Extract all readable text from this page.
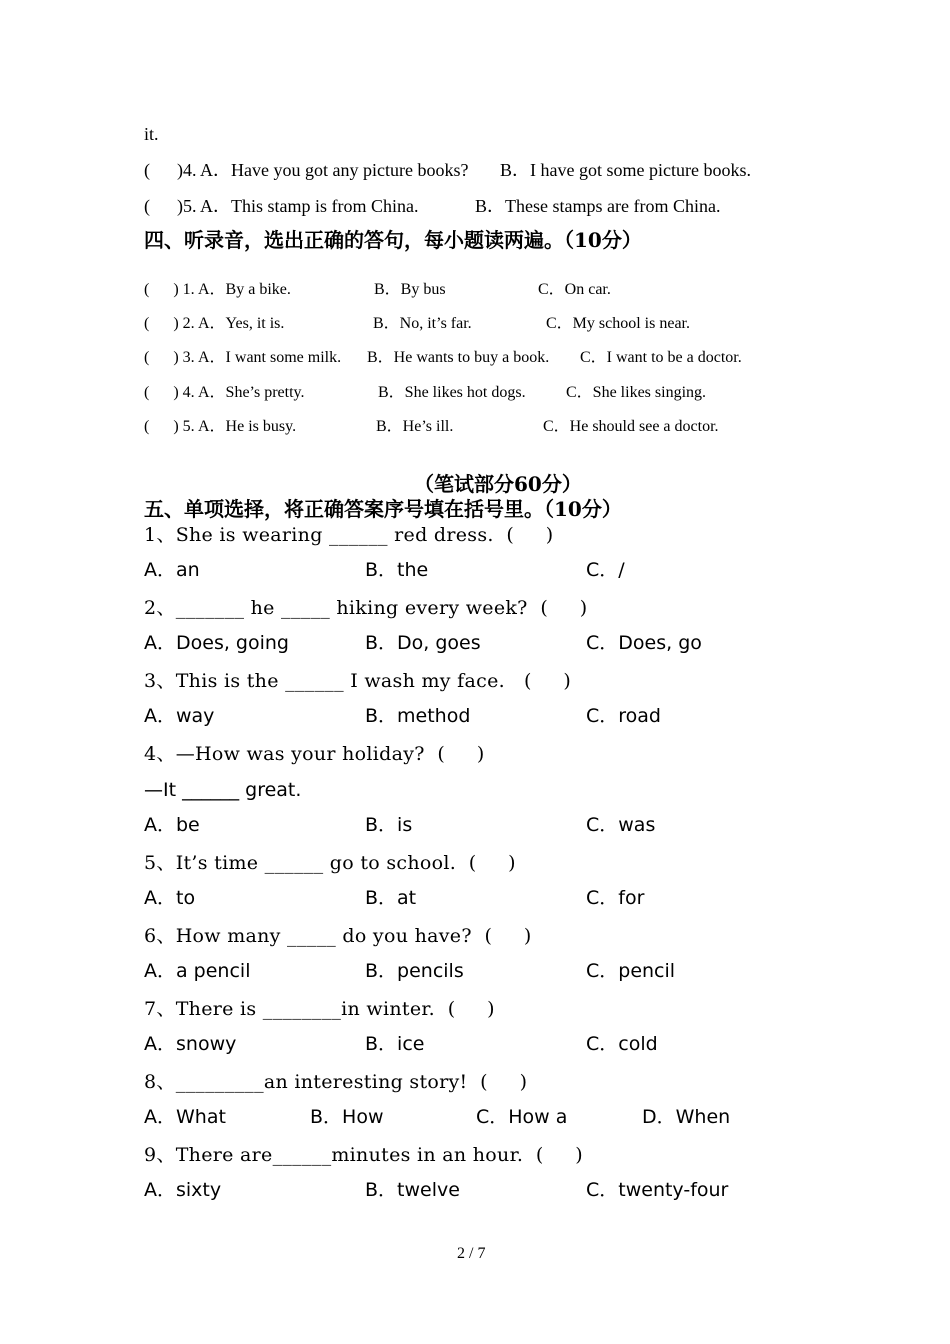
it.
(      )4. A．Have you got any picture books? B．I have got some picture books.
(      )5. A．This stamp is from China.	B．These stamps are from China.
四、听录音，选出正确的答句，每小题读两遍。（10分）
(      ) 1. A．By a bike.	B．By bus	C．On car.
(      ) 2. A．Yes, it is.	B．No, it’s far.	C．My school is near.
(      ) 3. A．I want some milk. B．He wants to buy a book. C．I want to be a doctor.
(      ) 4. A．She’s pretty.	B．She likes hot dogs.	C．She likes singing.
(      ) 5. A．He is busy.	B．He’s ill.	C．He should see a doctor.
（笔试部分60分）
五、单项选择，将正确答案序号填在括号里。（10分）
1、She is wearing ______ red dress.  (     )
A．an	B．the	C．/
2、_______ he _____ hiking every week?  (     )
A．Does, going	B．Do, goes	C．Does, go
3、This is the ______ I wash my face.   (     )
A．way	B．method	C．road
4、—How was your holiday?  (     )
—It ______ great.
A．be	B．is	C．was
5、It’s time ______ go to school.  (     )
A．to	B．at	C．for
6、How many _____ do you have?  (     )
A．a pencil	B．pencils	C．pencil
7、There is ________in winter.  (     )
A．snowy	B．ice	C．cold
8、_________an interesting story!  (     )
A．What	B．How	C．How a	D．When
9、There are______minutes in an hour.  (     )
A．sixty	B．twelve	C．twenty-four
2 / 7
